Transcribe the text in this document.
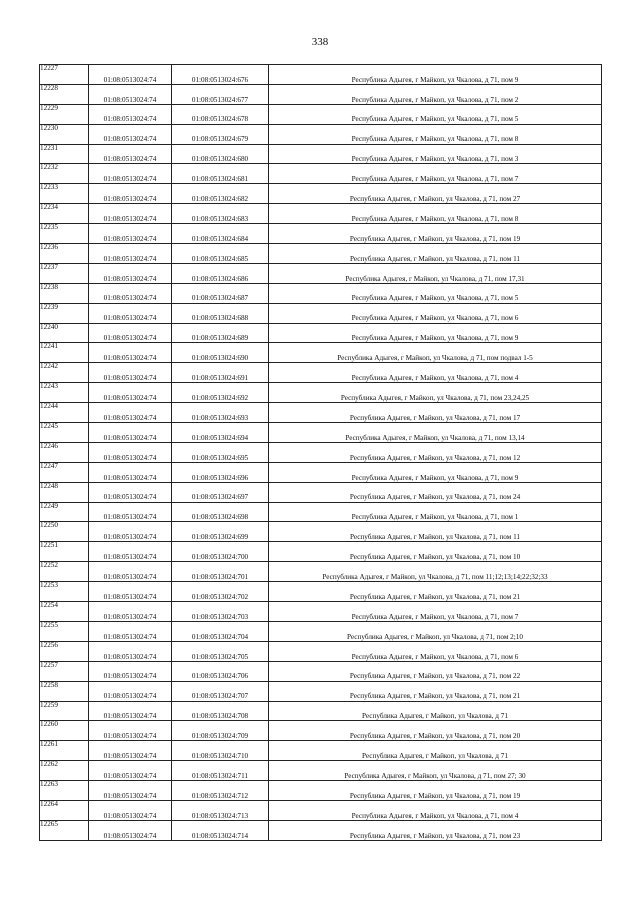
338
12227	01:08:0513024:74	01:08:0513024:676	Республика Адыгея, г Майкоп, ул Чкалова, д 71, пом 9
12228	01:08:0513024:74	01:08:0513024:677	Республика Адыгея, г Майкоп, ул Чкалова, д 71, пом 2
12229	01:08:0513024:74	01:08:0513024:678	Республика Адыгея, г Майкоп, ул Чкалова, д 71, пом 5
12230	01:08:0513024:74	01:08:0513024:679	Республика Адыгея, г Майкоп, ул Чкалова, д 71, пом 8
12231	01:08:0513024:74	01:08:0513024:680	Республика Адыгея, г Майкоп, ул Чкалова, д 71, пом 3
12232	01:08:0513024:74	01:08:0513024:681	Республика Адыгея, г Майкоп, ул Чкалова, д 71, пом 7
12233	01:08:0513024:74	01:08:0513024:682	Республика Адыгея, г Майкоп, ул Чкалова, д 71, пом 27
12234	01:08:0513024:74	01:08:0513024:683	Республика Адыгея, г Майкоп, ул Чкалова, д 71, пом 8
12235	01:08:0513024:74	01:08:0513024:684	Республика Адыгея, г Майкоп, ул Чкалова, д 71, пом 19
12236	01:08:0513024:74	01:08:0513024:685	Республика Адыгея, г Майкоп, ул Чкалова, д 71, пом 11
12237	01:08:0513024:74	01:08:0513024:686	Республика Адыгея, г Майкоп, ул Чкалова, д 71, пом 17,31
12238	01:08:0513024:74	01:08:0513024:687	Республика Адыгея, г Майкоп, ул Чкалова, д 71, пом 5
12239	01:08:0513024:74	01:08:0513024:688	Республика Адыгея, г Майкоп, ул Чкалова, д 71, пом 6
12240	01:08:0513024:74	01:08:0513024:689	Республика Адыгея, г Майкоп, ул Чкалова, д 71, пом 9
12241	01:08:0513024:74	01:08:0513024:690	Республика Адыгея, г Майкоп, ул Чкалова, д 71, пом подвал 1-5
12242	01:08:0513024:74	01:08:0513024:691	Республика Адыгея, г Майкоп, ул Чкалова, д 71, пом 4
12243	01:08:0513024:74	01:08:0513024:692	Республика Адыгея, г Майкоп, ул Чкалова, д 71, пом 23,24,25
12244	01:08:0513024:74	01:08:0513024:693	Республика Адыгея, г Майкоп, ул Чкалова, д 71, пом 17
12245	01:08:0513024:74	01:08:0513024:694	Республика Адыгея, г Майкоп, ул Чкалова, д 71, пом 13,14
12246	01:08:0513024:74	01:08:0513024:695	Республика Адыгея, г Майкоп, ул Чкалова, д 71, пом 12
12247	01:08:0513024:74	01:08:0513024:696	Республика Адыгея, г Майкоп, ул Чкалова, д 71, пом 9
12248	01:08:0513024:74	01:08:0513024:697	Республика Адыгея, г Майкоп, ул Чкалова, д 71, пом 24
12249	01:08:0513024:74	01:08:0513024:698	Республика Адыгея, г Майкоп, ул Чкалова, д 71, пом 1
12250	01:08:0513024:74	01:08:0513024:699	Республика Адыгея, г Майкоп, ул Чкалова, д 71, пом 11
12251	01:08:0513024:74	01:08:0513024:700	Республика Адыгея, г Майкоп, ул Чкалова, д 71, пом 10
12252	01:08:0513024:74	01:08:0513024:701	Республика Адыгея, г Майкоп, ул Чкалова, д 71, пом 11;12;13;14;22;32;33
12253	01:08:0513024:74	01:08:0513024:702	Республика Адыгея, г Майкоп, ул Чкалова, д 71, пом 21
12254	01:08:0513024:74	01:08:0513024:703	Республика Адыгея, г Майкоп, ул Чкалова, д 71, пом 7
12255	01:08:0513024:74	01:08:0513024:704	Республика Адыгея, г Майкоп, ул Чкалова, д 71, пом 2;10
12256	01:08:0513024:74	01:08:0513024:705	Республика Адыгея, г Майкоп, ул Чкалова, д 71, пом 6
12257	01:08:0513024:74	01:08:0513024:706	Республика Адыгея, г Майкоп, ул Чкалова, д 71, пом 22
12258	01:08:0513024:74	01:08:0513024:707	Республика Адыгея, г Майкоп, ул Чкалова, д 71, пом 21
12259	01:08:0513024:74	01:08:0513024:708	Республика Адыгея, г Майкоп, ул Чкалова, д 71
12260	01:08:0513024:74	01:08:0513024:709	Республика Адыгея, г Майкоп, ул Чкалова, д 71, пом 20
12261	01:08:0513024:74	01:08:0513024:710	Республика Адыгея, г Майкоп, ул Чкалова, д 71
12262	01:08:0513024:74	01:08:0513024:711	Республика Адыгея, г Майкоп, ул Чкалова, д 71, пом 27; 30
12263	01:08:0513024:74	01:08:0513024:712	Республика Адыгея, г Майкоп, ул Чкалова, д 71, пом 19
12264	01:08:0513024:74	01:08:0513024:713	Республика Адыгея, г Майкоп, ул Чкалова, д 71, пом 4
12265	01:08:0513024:74	01:08:0513024:714	Республика Адыгея, г Майкоп, ул Чкалова, д 71, пом 23
